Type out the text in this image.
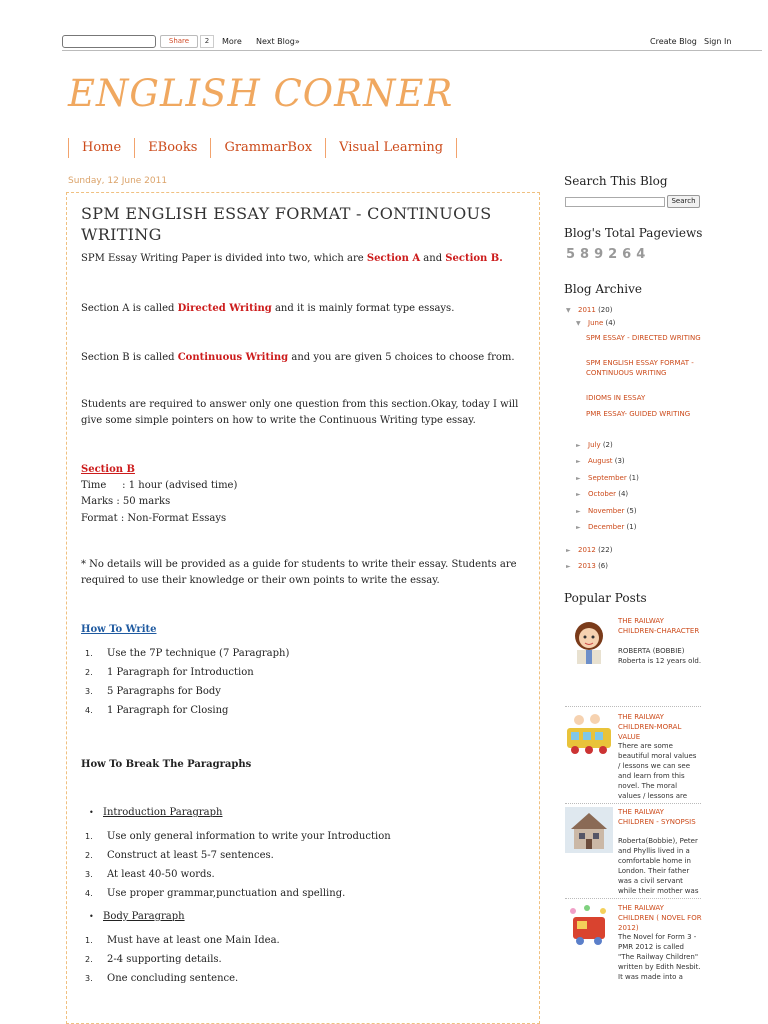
Share	2	More Next Blog»	Create Blog Sign In
ENGLISH CORNER
Home	EBooks	GrammarBox	Visual Learning
Sunday, 12 June 2011
SPM ENGLISH ESSAY FORMAT - CONTINUOUS WRITING
SPM Essay Writing Paper is divided into two, which are Section A and Section B.
Section A is called Directed Writing and it is mainly format type essays.
Section B is called Continuous Writing and you are given 5 choices to choose from.
Students are required to answer only one question from this section.Okay, today I will give some simple pointers on how to write the Continuous Writing type essay.
Section B
Time     : 1 hour (advised time)
Marks : 50 marks
Format : Non-Format Essays
* No details will be provided as a guide for students to write their essay. Students are required to use their knowledge or their own points to write the essay.
How To Write
1. Use the 7P technique (7 Paragraph)
2. 1 Paragraph for Introduction
3. 5 Paragraphs for Body
4. 1 Paragraph for Closing
How To Break The Paragraphs
• Introduction Paragraph
1. Use only general information to write your Introduction
2. Construct at least 5-7 sentences.
3. At least 40-50 words.
4. Use proper grammar,punctuation and spelling.
• Body Paragraph
1. Must have at least one Main Idea.
2. 2-4 supporting details.
3. One concluding sentence.
Search This Blog
Search
Blog's Total Pageviews
589264
Blog Archive
▼ 2011 (20)
▼ June (4)
SPM ESSAY - DIRECTED WRITING
SPM ENGLISH ESSAY FORMAT - CONTINUOUS WRITING
IDIOMS IN ESSAY
PMR ESSAY- GUIDED WRITING
► July (2)
► August (3)
► September (1)
► October (4)
► November (5)
► December (1)
► 2012 (22)
► 2013 (6)
Popular Posts
THE RAILWAY CHILDREN-CHARACTER
ROBERTA (BOBBIE) Roberta is 12 years old.
THE RAILWAY CHILDREN-MORAL VALUE
There are some beautiful moral values / lessons we can see and learn from this novel. The moral values / lessons are
THE RAILWAY CHILDREN - SYNOPSIS
Roberta(Bobbie), Peter and Phyllis lived in a comfortable home in London. Their father was a civil servant while their mother was
THE RAILWAY CHILDREN ( NOVEL FOR 2012)
The Novel for Form 3 - PMR 2012 is called "The Railway Children" written by Edith Nesbit. It was made into a
